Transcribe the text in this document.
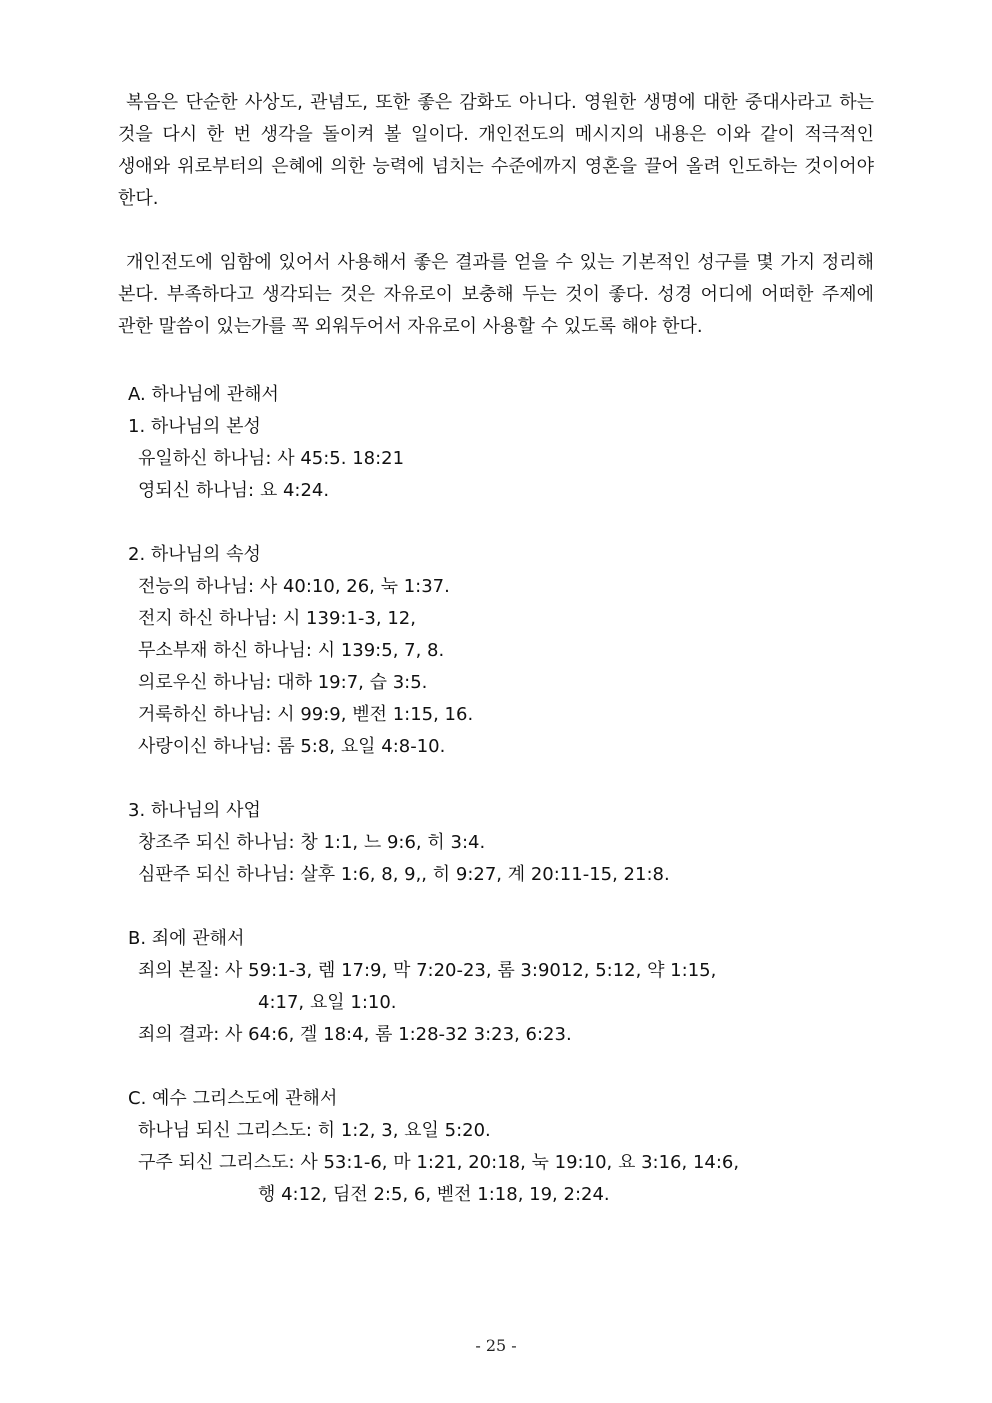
복음은 단순한 사상도, 관념도, 또한 좋은 감화도 아니다. 영원한 생명에 대한 중대사라고 하는 것을 다시 한 번 생각을 돌이켜 볼 일이다. 개인전도의 메시지의 내용은 이와 같이 적극적인 생애와 위로부터의 은혜에 의한 능력에 넘치는 수준에까지 영혼을 끌어 올려 인도하는 것이어야 한다.

개인전도에 임함에 있어서 사용해서 좋은 결과를 얻을 수 있는 기본적인 성구를 몇 가지 정리해 본다. 부족하다고 생각되는 것은 자유로이 보충해 두는 것이 좋다. 성경 어디에 어떠한 주제에 관한 말씀이 있는가를 꼭 외워두어서 자유로이 사용할 수 있도록 해야 한다.

A. 하나님에 관해서

1. 하나님의 본성

유일하신 하나님: 사 45:5. 18:21

영되신 하나님: 요 4:24.

2. 하나님의 속성

전능의 하나님: 사 40:10, 26, 눅 1:37.

전지 하신 하나님: 시 139:1-3, 12,

무소부재 하신 하나님: 시 139:5, 7, 8.

의로우신 하나님: 대하 19:7, 습 3:5.

거룩하신 하나님: 시 99:9, 벧전 1:15, 16.

사랑이신 하나님: 롬 5:8, 요일 4:8-10.

3. 하나님의 사업

창조주 되신 하나님: 창 1:1, 느 9:6, 히 3:4.

심판주 되신 하나님: 살후 1:6, 8, 9,, 히 9:27, 계 20:11-15, 21:8.

B. 죄에 관해서

죄의 본질: 사 59:1-3, 렘 17:9, 막 7:20-23, 롬 3:9012, 5:12, 약 1:15,

4:17, 요일 1:10.

죄의 결과: 사 64:6, 겔 18:4, 롬 1:28-32 3:23, 6:23.

C. 예수 그리스도에 관해서

하나님 되신 그리스도: 히 1:2, 3, 요일 5:20.

구주 되신 그리스도: 사 53:1-6, 마 1:21, 20:18, 눅 19:10, 요 3:16, 14:6,

행 4:12, 딤전 2:5, 6, 벧전 1:18, 19, 2:24.

- 25 -
